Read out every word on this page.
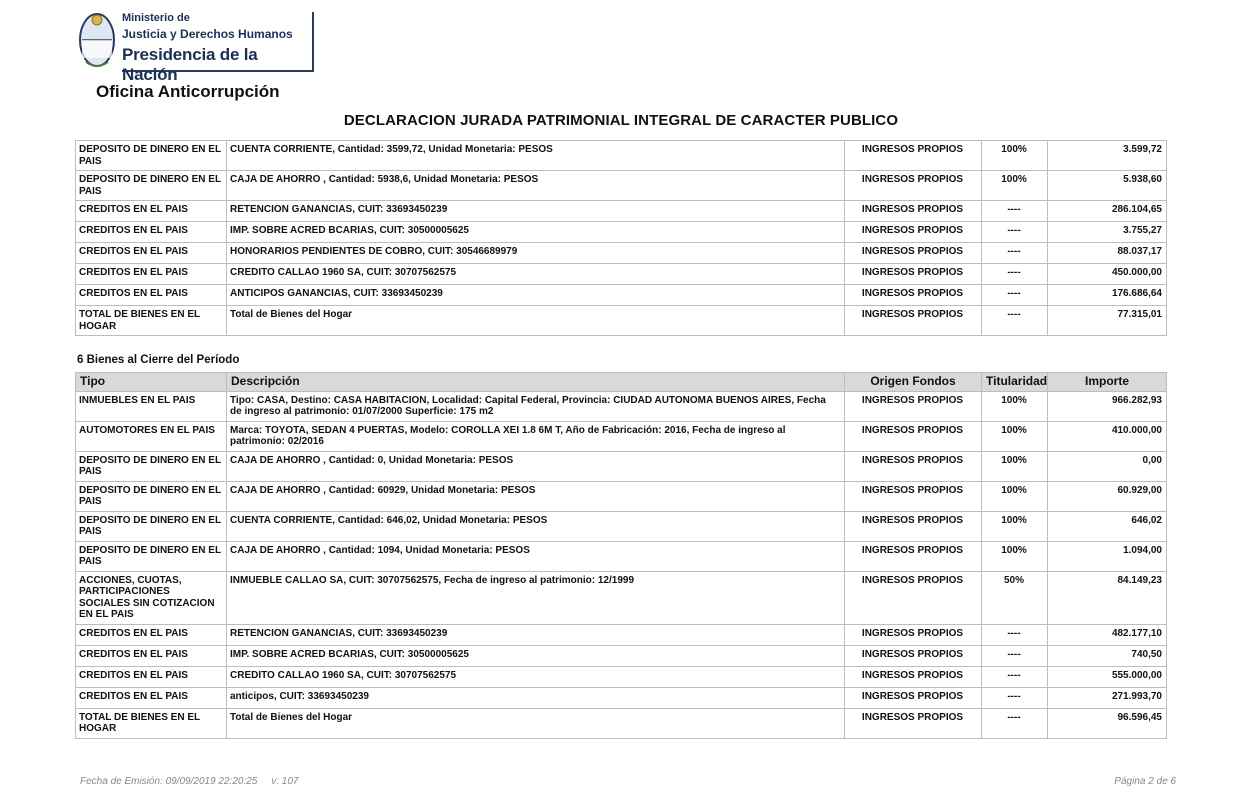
Ministerio de
Justicia y Derechos Humanos
Presidencia de la Nación
Oficina Anticorrupción
DECLARACION JURADA PATRIMONIAL INTEGRAL DE CARACTER PUBLICO
DEPOSITO DE DINERO EN EL PAIS	CUENTA CORRIENTE, Cantidad: 3599,72, Unidad Monetaria: PESOS	INGRESOS PROPIOS	100%	3.599,72
DEPOSITO DE DINERO EN EL PAIS	CAJA DE AHORRO , Cantidad: 5938,6, Unidad Monetaria: PESOS	INGRESOS PROPIOS	100%	5.938,60
CREDITOS EN EL PAIS	RETENCION GANANCIAS, CUIT: 33693450239	INGRESOS PROPIOS	----	286.104,65
CREDITOS EN EL PAIS	IMP. SOBRE ACRED BCARIAS, CUIT: 30500005625	INGRESOS PROPIOS	----	3.755,27
CREDITOS EN EL PAIS	HONORARIOS PENDIENTES DE COBRO, CUIT: 30546689979	INGRESOS PROPIOS	----	88.037,17
CREDITOS EN EL PAIS	CREDITO CALLAO 1960 SA, CUIT: 30707562575	INGRESOS PROPIOS	----	450.000,00
CREDITOS EN EL PAIS	ANTICIPOS GANANCIAS, CUIT: 33693450239	INGRESOS PROPIOS	----	176.686,64
TOTAL DE BIENES EN EL HOGAR	Total de Bienes del Hogar	INGRESOS PROPIOS	----	77.315,01
6 Bienes al Cierre del Período
Tipo	Descripción	Origen Fondos	Titularidad	Importe
INMUEBLES EN EL PAIS	Tipo: CASA, Destino: CASA HABITACION, Localidad: Capital Federal, Provincia: CIUDAD AUTONOMA BUENOS AIRES, Fecha de ingreso al patrimonio: 01/07/2000 Superficie: 175 m2	INGRESOS PROPIOS	100%	966.282,93
AUTOMOTORES EN EL PAIS	Marca: TOYOTA, SEDAN 4 PUERTAS, Modelo: COROLLA XEI 1.8 6M T, Año de Fabricación: 2016, Fecha de ingreso al patrimonio: 02/2016	INGRESOS PROPIOS	100%	410.000,00
DEPOSITO DE DINERO EN EL PAIS	CAJA DE AHORRO , Cantidad: 0, Unidad Monetaria: PESOS	INGRESOS PROPIOS	100%	0,00
DEPOSITO DE DINERO EN EL PAIS	CAJA DE AHORRO , Cantidad: 60929, Unidad Monetaria: PESOS	INGRESOS PROPIOS	100%	60.929,00
DEPOSITO DE DINERO EN EL PAIS	CUENTA CORRIENTE, Cantidad: 646,02, Unidad Monetaria: PESOS	INGRESOS PROPIOS	100%	646,02
DEPOSITO DE DINERO EN EL PAIS	CAJA DE AHORRO , Cantidad: 1094, Unidad Monetaria: PESOS	INGRESOS PROPIOS	100%	1.094,00
ACCIONES, CUOTAS, PARTICIPACIONES SOCIALES SIN COTIZACION EN EL PAIS	INMUEBLE CALLAO SA, CUIT: 30707562575, Fecha de ingreso al patrimonio: 12/1999	INGRESOS PROPIOS	50%	84.149,23
CREDITOS EN EL PAIS	RETENCION GANANCIAS, CUIT: 33693450239	INGRESOS PROPIOS	----	482.177,10
CREDITOS EN EL PAIS	IMP. SOBRE ACRED BCARIAS, CUIT: 30500005625	INGRESOS PROPIOS	----	740,50
CREDITOS EN EL PAIS	CREDITO CALLAO 1960 SA, CUIT: 30707562575	INGRESOS PROPIOS	----	555.000,00
CREDITOS EN EL PAIS	anticipos, CUIT: 33693450239	INGRESOS PROPIOS	----	271.993,70
TOTAL DE BIENES EN EL HOGAR	Total de Bienes del Hogar	INGRESOS PROPIOS	----	96.596,45
Fecha de Emisión: 09/09/2019 22:20:25     v: 107	Página 2 de 6
